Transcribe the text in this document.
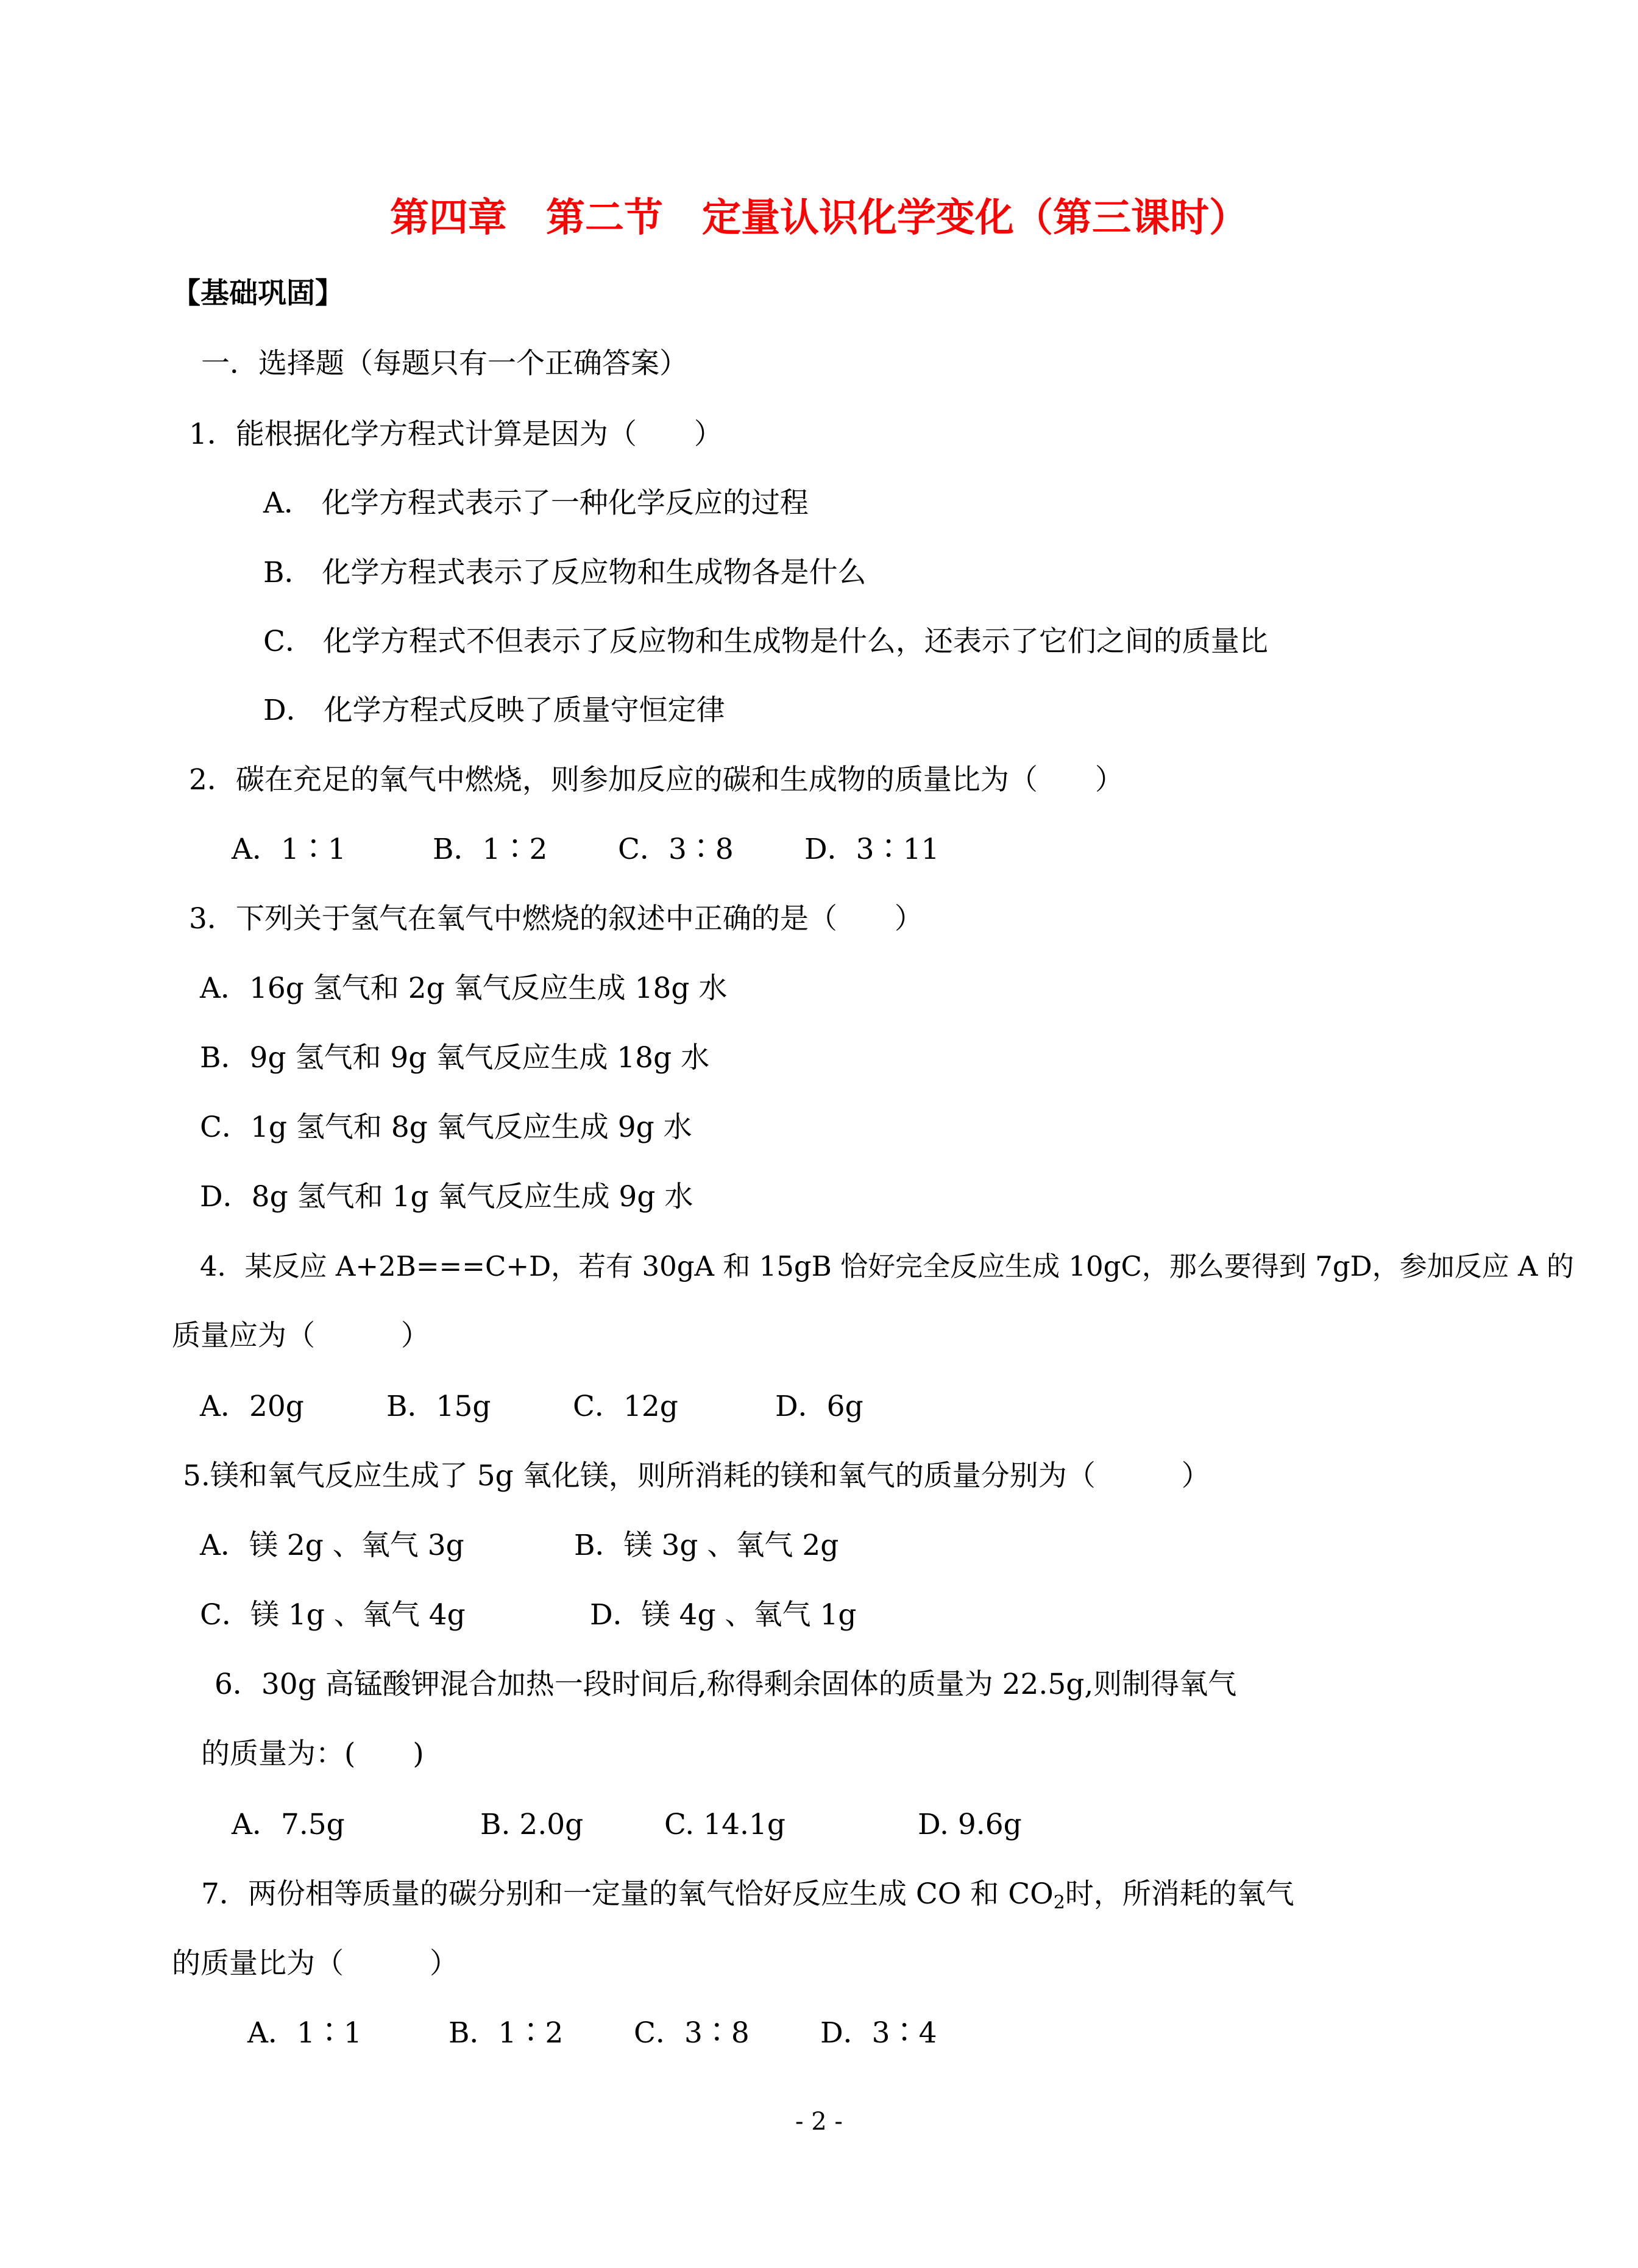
第四章　第二节　定量认识化学变化（第三课时）
【基础巩固】
一．选择题（每题只有一个正确答案）
1．能根据化学方程式计算是因为（　　）
A． 化学方程式表示了一种化学反应的过程
B． 化学方程式表示了反应物和生成物各是什么
C． 化学方程式不但表示了反应物和生成物是什么，还表示了它们之间的质量比
D． 化学方程式反映了质量守恒定律
2．碳在充足的氧气中燃烧，则参加反应的碳和生成物的质量比为（　　）
A．1∶1	B．1∶2 C．3∶8 D．3∶11
3．下列关于氢气在氧气中燃烧的叙述中正确的是（　　）
A．16g 氢气和 2g 氧气反应生成 18g 水
B．9g 氢气和 9g 氧气反应生成 18g 水
C．1g 氢气和 8g 氧气反应生成 9g 水
D．8g 氢气和 1g 氧气反应生成 9g 水
4．某反应 A+2B===C+D，若有 30gA 和 15gB 恰好完全反应生成 10gC，那么要得到 7gD，参加反应 A 的
质量应为（　　　）
A．20g	B．15g	C．12g	D．6g
5.镁和氧气反应生成了 5g 氧化镁，则所消耗的镁和氧气的质量分别为（　　　）
A．镁 2g 、氧气 3g	B．镁 3g 、氧气 2g
C．镁 1g 、氧气 4g	D．镁 4g 、氧气 1g
6．30g 高锰酸钾混合加热一段时间后,称得剩余固体的质量为 22.5g,则制得氧气
的质量为：(　　)
A．7.5g	B. 2.0g	C. 14.1g	D. 9.6g
7．两份相等质量的碳分别和一定量的氧气恰好反应生成 CO 和 $CO_2$时，所消耗的氧气
的质量比为（　　　）
A．1∶1	B．1∶2 C．3∶8 D．3∶4
- 2 -
